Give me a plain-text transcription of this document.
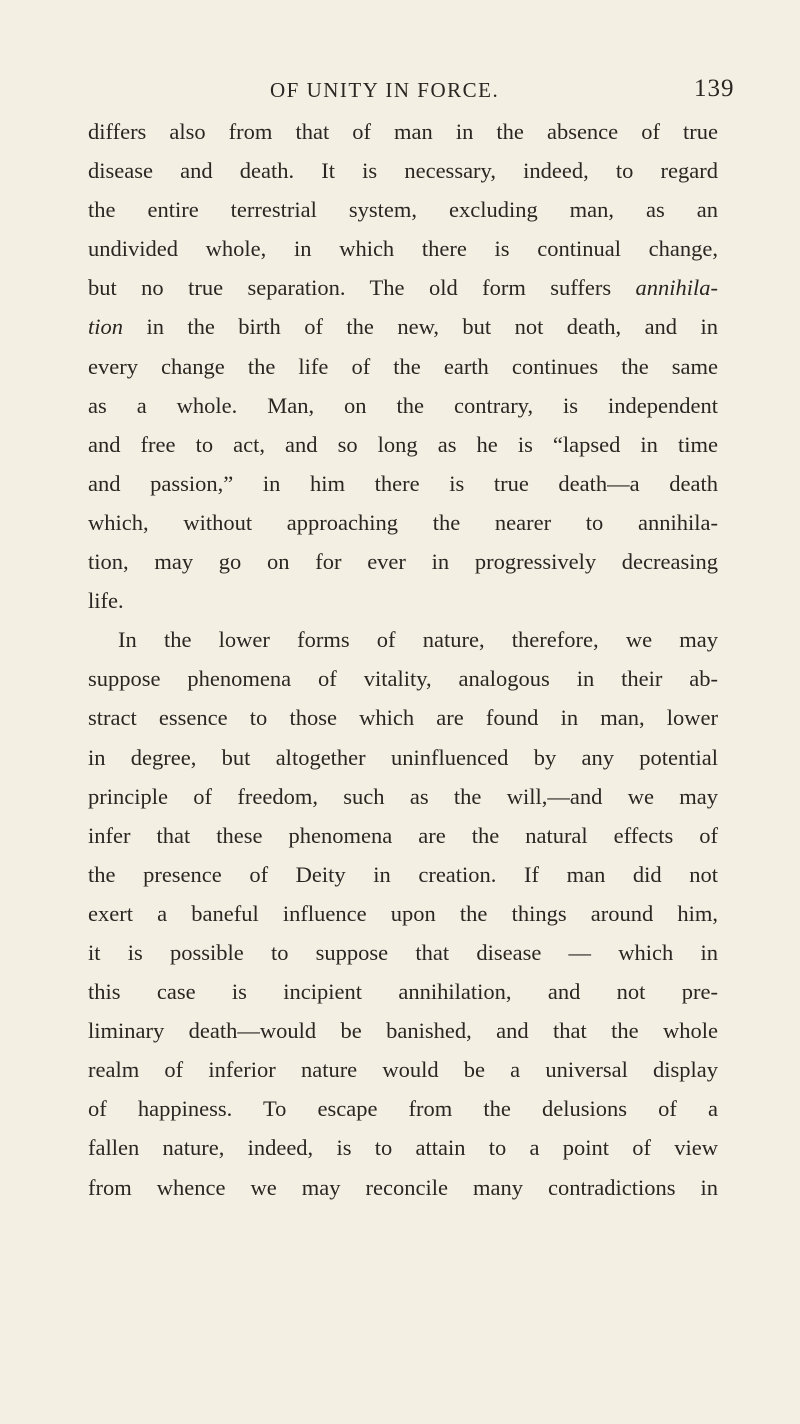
OF UNITY IN FORCE.	139
differs also from that of man in the absence of true
disease and death. It is necessary, indeed, to regard
the entire terrestrial system, excluding man, as an
undivided whole, in which there is continual change,
but no true separation. The old form suffers annihila-
tion in the birth of the new, but not death, and in
every change the life of the earth continues the same
as a whole. Man, on the contrary, is independent
and free to act, and so long as he is “lapsed in time
and passion,” in him there is true death—a death
which, without approaching the nearer to annihila-
tion, may go on for ever in progressively decreasing
life.
In the lower forms of nature, therefore, we may
suppose phenomena of vitality, analogous in their ab-
stract essence to those which are found in man, lower
in degree, but altogether uninfluenced by any potential
principle of freedom, such as the will,—and we may
infer that these phenomena are the natural effects of
the presence of Deity in creation. If man did not
exert a baneful influence upon the things around him,
it is possible to suppose that disease — which in
this case is incipient annihilation, and not pre-
liminary death—would be banished, and that the whole
realm of inferior nature would be a universal display
of happiness. To escape from the delusions of a
fallen nature, indeed, is to attain to a point of view
from whence we may reconcile many contradictions in
